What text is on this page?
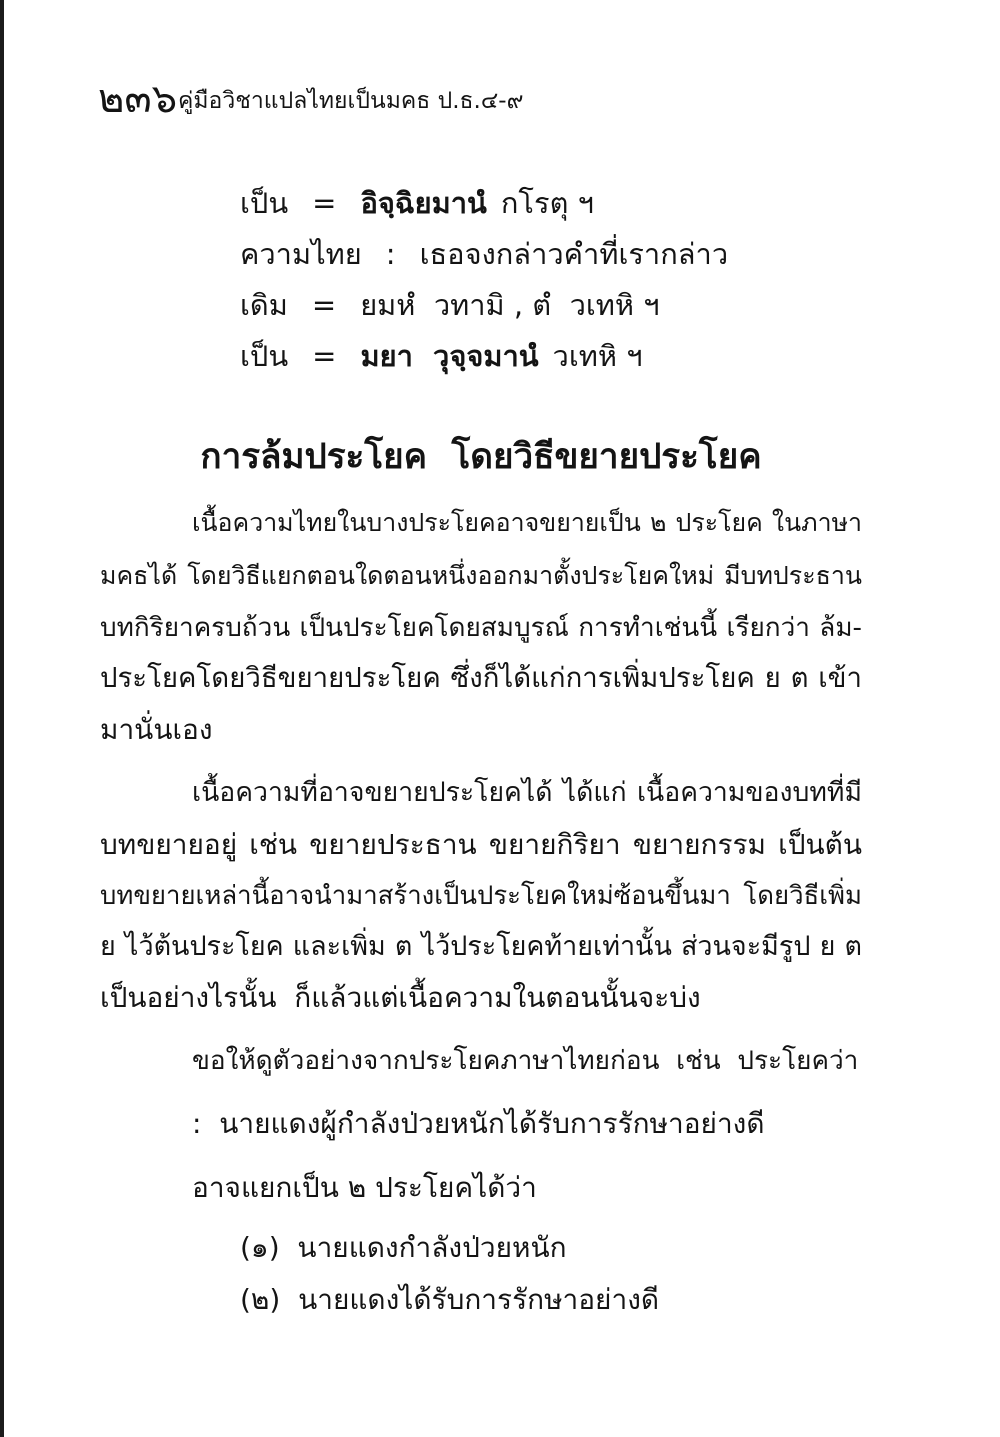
๒๓๖ คู่มือวิชาแปลไทยเป็นมคธ ป.ธ.๔-๙
เป็น = อิจฺฉิยมานํ กโรตุ ฯ
ความไทย : เธอจงกล่าวคำที่เรากล่าว
เดิม = ยมหํ  วทามิ , ตํ  วเทหิ ฯ
เป็น = มยา  วุจฺจมานํ วเทหิ ฯ
การล้มประโยค  โดยวิธีขยายประโยค
เนื้อความไทยในบางประโยคอาจขยายเป็น ๒ ประโยค ในภาษา
มคธได้ โดยวิธีแยกตอนใดตอนหนึ่งออกมาตั้งประโยคใหม่ มีบทประธาน
บทกิริยาครบถ้วน เป็นประโยคโดยสมบูรณ์ การทำเช่นนี้ เรียกว่า ล้ม-
ประโยคโดยวิธีขยายประโยค ซึ่งก็ได้แก่การเพิ่มประโยค ย ต เข้า
มานั่นเอง
เนื้อความที่อาจขยายประโยคได้ ได้แก่ เนื้อความของบทที่มี
บทขยายอยู่ เช่น ขยายประธาน ขยายกิริยา ขยายกรรม เป็นต้น
บทขยายเหล่านี้อาจนำมาสร้างเป็นประโยคใหม่ซ้อนขึ้นมา โดยวิธีเพิ่ม
ย ไว้ต้นประโยค และเพิ่ม ต ไว้ประโยคท้ายเท่านั้น ส่วนจะมีรูป ย ต
เป็นอย่างไรนั้น  ก็แล้วแต่เนื้อความในตอนนั้นจะบ่ง
ขอให้ดูตัวอย่างจากประโยคภาษาไทยก่อน  เช่น  ประโยคว่า
:  นายแดงผู้กำลังป่วยหนักได้รับการรักษาอย่างดี
อาจแยกเป็น ๒ ประโยคได้ว่า
(๑)  นายแดงกำลังป่วยหนัก
(๒)  นายแดงได้รับการรักษาอย่างดี
